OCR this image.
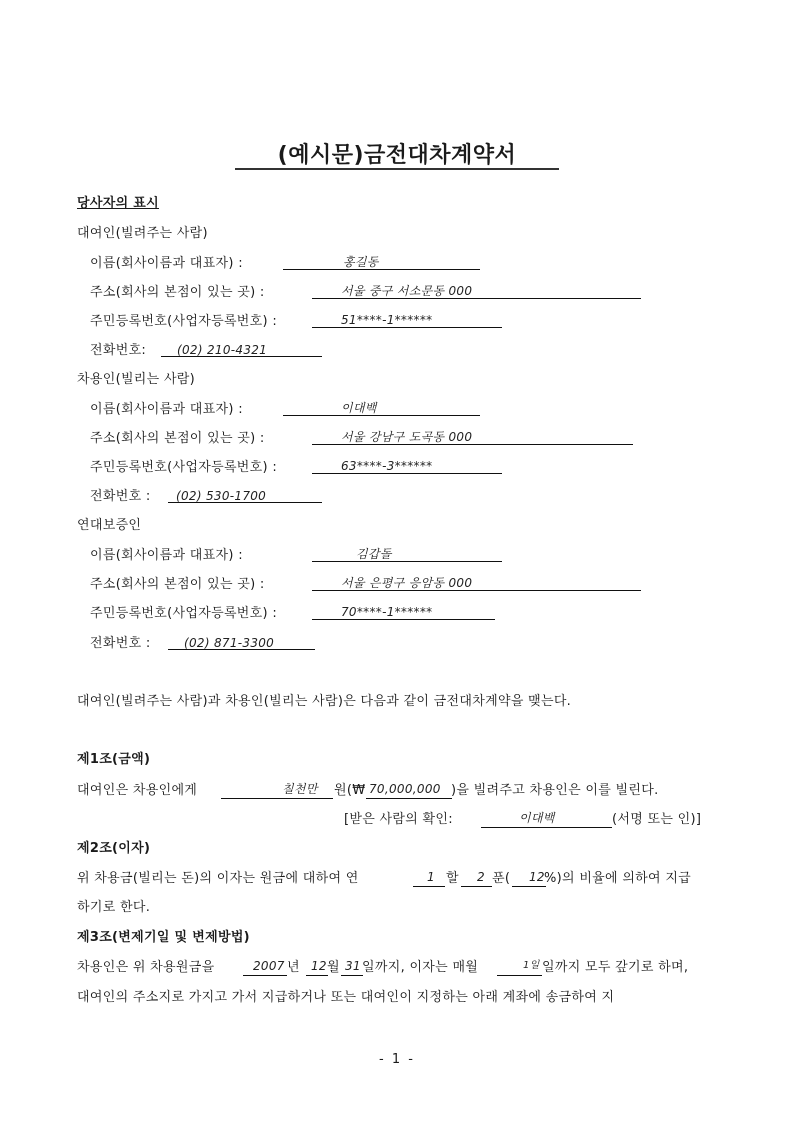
(예시문)금전대차계약서
당사자의 표시
대여인(빌려주는 사람)
이름(회사이름과 대표자) :	홍길동
주소(회사의 본점이 있는 곳) :	서울 중구 서소문동 000
주민등록번호(사업자등록번호) :	51****-1******
전화번호:	(02) 210-4321
차용인(빌리는 사람)
이름(회사이름과 대표자) :	이대백
주소(회사의 본점이 있는 곳) :	서울 강남구 도곡동 000
주민등록번호(사업자등록번호) :	63****-3******
전화번호 : (02) 530-1700
연대보증인
이름(회사이름과 대표자) :	김갑돌
주소(회사의 본점이 있는 곳) :	서울 은평구 응암동 000
주민등록번호(사업자등록번호) :	70****-1******
전화번호 :	(02) 871-3300
대여인(빌려주는 사람)과 차용인(빌리는 사람)은 다음과 같이 금전대차계약을 맺는다.
제1조(금액)
대여인은 차용인에게	칠천만 원(₩ 70,000,000 )을 빌려주고 차용인은 이를 빌린다.
[받은 사람의 확인:	이대백	(서명 또는 인)]
제2조(이자)
위 차용금(빌리는 돈)의 이자는 원금에 대하여 연	1 할 2 푼( 12 %)의 비율에 의하여 지급
하기로 한다.
제3조(변제기일 및 변제방법)
차용인은 위 차용원금을	2007 년 12 월 31 일까지, 이자는 매월	1일 일까지 모두 갚기로 하며,
대여인의 주소지로 가지고 가서 지급하거나 또는 대여인이 지정하는 아래 계좌에 송금하여 지
- 1 -
